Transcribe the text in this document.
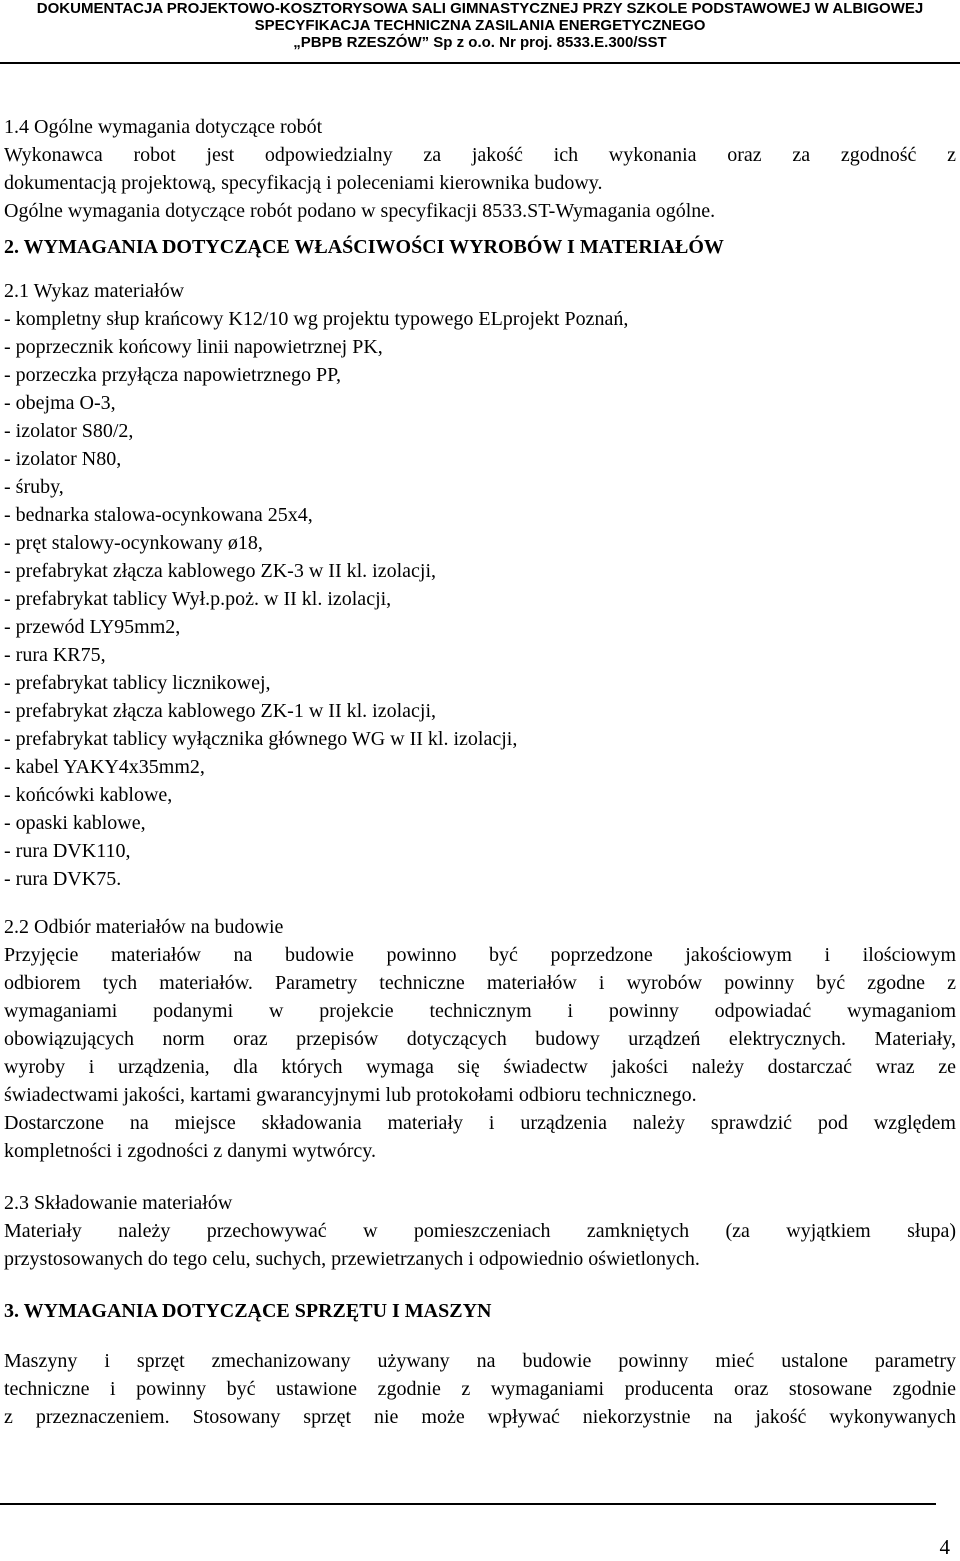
DOKUMENTACJA PROJEKTOWO-KOSZTORYSOWA SALI GIMNASTYCZNEJ PRZY SZKOLE PODSTAWOWEJ W ALBIGOWEJ
SPECYFIKACJA TECHNICZNA ZASILANIA ENERGETYCZNEGO
„PBPB RZESZÓW” Sp z o.o. Nr proj. 8533.E.300/SST
1.4 Ogólne wymagania dotyczące robót
Wykonawca robot jest odpowiedzialny za jakość ich wykonania oraz za zgodność z
dokumentacją projektową, specyfikacją i poleceniami kierownika budowy.
Ogólne wymagania dotyczące robót podano w specyfikacji 8533.ST-Wymagania ogólne.
2. WYMAGANIA DOTYCZĄCE WŁAŚCIWOŚCI WYROBÓW I MATERIAŁÓW
2.1 Wykaz materiałów
- kompletny słup krańcowy K12/10 wg projektu typowego ELprojekt Poznań,
- poprzecznik końcowy linii napowietrznej PK,
- porzeczka przyłącza napowietrznego PP,
- obejma O-3,
- izolator S80/2,
- izolator N80,
- śruby,
- bednarka stalowa-ocynkowana 25x4,
- pręt stalowy-ocynkowany ø18,
- prefabrykat złącza kablowego ZK-3 w II kl. izolacji,
- prefabrykat tablicy Wył.p.poż. w II kl. izolacji,
- przewód LY95mm2,
- rura KR75,
- prefabrykat tablicy licznikowej,
- prefabrykat złącza kablowego ZK-1 w II kl. izolacji,
- prefabrykat tablicy wyłącznika głównego WG w II kl. izolacji,
- kabel YAKY4x35mm2,
- końcówki kablowe,
- opaski kablowe,
- rura DVK110,
- rura DVK75.
2.2 Odbiór materiałów na budowie
Przyjęcie materiałów na budowie powinno być poprzedzone jakościowym i ilościowym
odbiorem tych materiałów. Parametry techniczne materiałów i wyrobów powinny być zgodne z
wymaganiami podanymi w projekcie technicznym i powinny odpowiadać wymaganiom
obowiązujących norm oraz przepisów dotyczących budowy urządzeń elektrycznych. Materiały,
wyroby i urządzenia, dla których wymaga się świadectw jakości należy dostarczać wraz ze
świadectwami jakości, kartami gwarancyjnymi lub protokołami odbioru technicznego.
Dostarczone na miejsce składowania materiały i urządzenia należy sprawdzić pod względem
kompletności i zgodności z danymi wytwórcy.
2.3 Składowanie materiałów
Materiały należy przechowywać w pomieszczeniach zamkniętych (za wyjątkiem słupa)
przystosowanych do tego celu, suchych, przewietrzanych i odpowiednio oświetlonych.
3. WYMAGANIA DOTYCZĄCE SPRZĘTU I MASZYN
Maszyny i sprzęt zmechanizowany używany na budowie powinny mieć ustalone parametry
techniczne i powinny być ustawione zgodnie z wymaganiami producenta oraz stosowane zgodnie
z przeznaczeniem. Stosowany sprzęt nie może wpływać niekorzystnie na jakość wykonywanych
4
